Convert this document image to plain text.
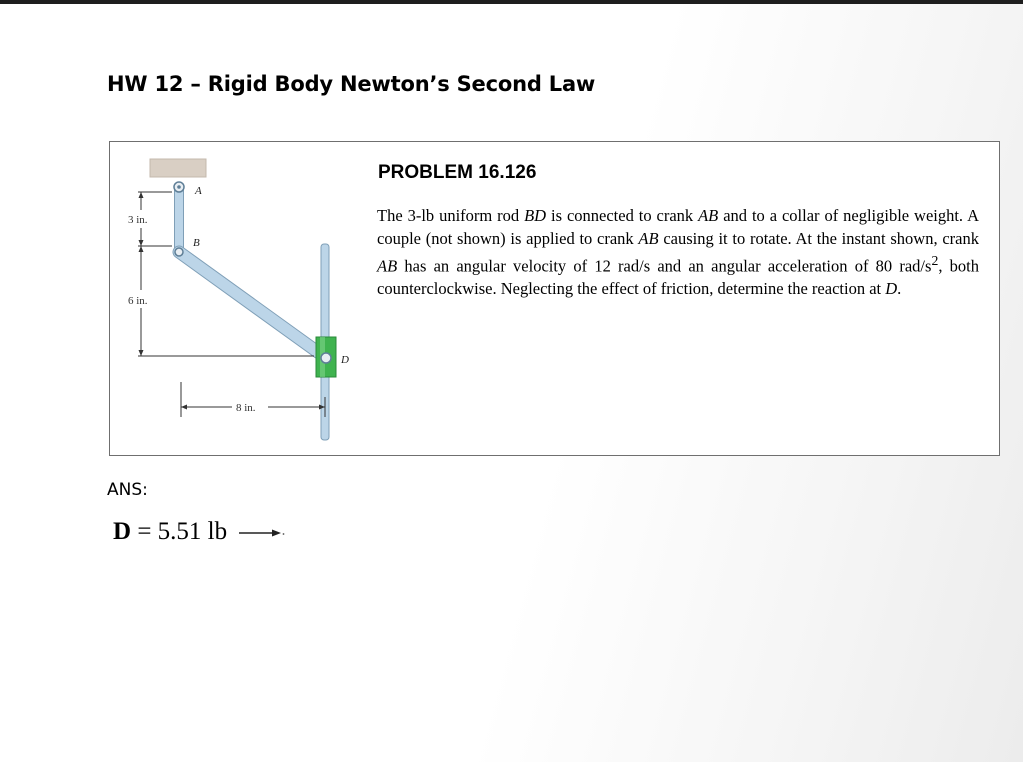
HW 12 – Rigid Body Newton’s Second Law
A
B
D
3 in.
6 in.
8 in.
PROBLEM 16.126

The 3-lb uniform rod BD is connected to crank AB and to a collar of negligible weight. A couple (not shown) is applied to crank AB causing it to rotate. At the instant shown, crank AB has an angular velocity of 12 rad/s and an angular acceleration of 80 rad/$s^2$, both counterclockwise. Neglecting the effect of friction, determine the reaction at D.

ANS:
D = 5.51 lb
